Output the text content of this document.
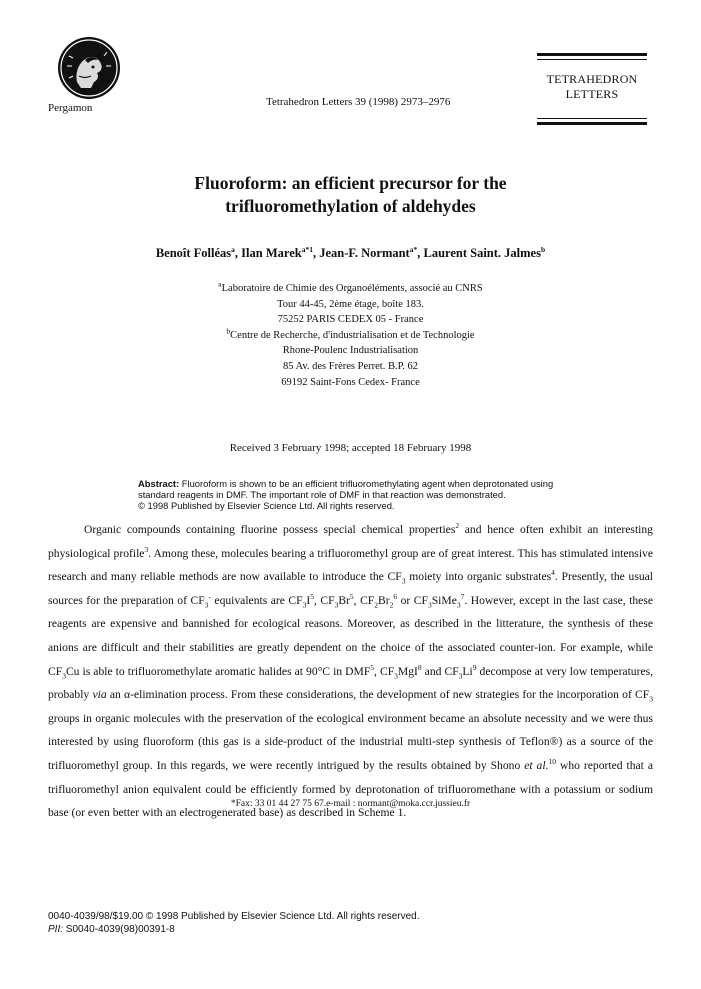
Pergamon	Tetrahedron Letters 39 (1998) 2973–2976
TETRAHEDRON
LETTERS
Fluoroform: an efficient precursor for the
trifluoromethylation of aldehydes
Benoît Folléas$^a$, Ilan Marek$^{a*1}$, Jean-F. Normant$^{a*}$, Laurent Saint. Jalmes$^b$
$^a$Laboratoire de Chimie des Organoéléments, associé au CNRS
Tour 44-45, 2ème étage, boîte 183.
75252 PARIS CEDEX 05 - France
$^b$Centre de Recherche, d'industrialisation et de Technologie
Rhone-Poulenc Industrialisation
85 Av. des Frères Perret. B.P. 62
69192 Saint-Fons Cedex- France
Received 3 February 1998; accepted 18 February 1998
Abstract: Fluoroform is shown to be an efficient trifluoromethylating agent when deprotonated using
standard reagents in DMF. The important role of DMF in that reaction was demonstrated.
© 1998 Published by Elsevier Science Ltd. All rights reserved.

Organic compounds containing fluorine possess special chemical properties$^2$ and hence often exhibit an interesting physiological profile$^3$. Among these, molecules bearing a trifluoromethyl group are of great interest. This has stimulated intensive research and many reliable methods are now available to introduce the $CF_3$ moiety into organic substrates$^4$. Presently, the usual sources for the preparation of $CF_3^-$ equivalents are $CF_3I^5$, $CF_3Br^5$, $CF_2Br_2^6$ or $CF_3SiMe_3^7$. However, except in the last case, these reagents are expensive and bannished for ecological reasons. Moreover, as described in the litterature, the synthesis of these anions are difficult and their stabilities are greatly dependent on the choice of the associated counter-ion. For example, while $CF_3Cu$ is able to trifluoromethylate aromatic halides at 90°C in DMF$^5$, $CF_3MgI^8$ and $CF_3Li^9$ decompose at very low temperatures, probably via an α-elimination process. From these considerations, the development of new strategies for the incorporation of $CF_3$ groups in organic molecules with the preservation of the ecological environment became an absolute necessity and we were thus interested by using fluoroform (this gas is a side-product of the industrial multi-step synthesis of Teflon®) as a source of the trifluoromethyl group. In this regards, we were recently intrigued by the results obtained by Shono et al.$^{10}$ who reported that a trifluoromethyl anion equivalent could be efficiently formed by deprotonation of trifluoromethane with a potassium or sodium base (or even better with an electrogenerated base) as described in Scheme 1.

*Fax: 33 01 44 27 75 67.e-mail : normant@moka.ccr.jussieu.fr
0040-4039/98/$19.00 © 1998 Published by Elsevier Science Ltd. All rights reserved.
PII: S0040-4039(98)00391-8
